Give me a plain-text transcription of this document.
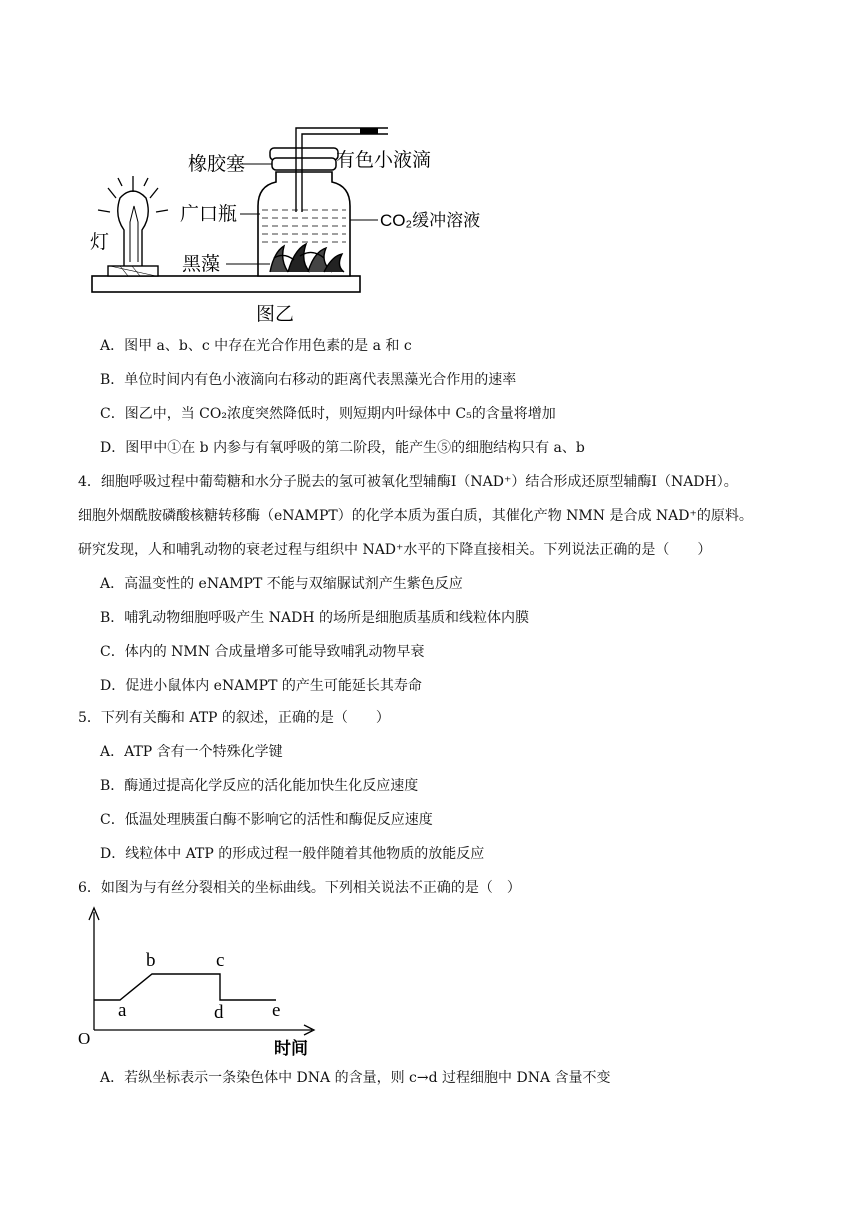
橡胶塞	有色小液滴
广口瓶	CO₂缓冲溶液
灯
黑藻
图乙
A．图甲 a、b、c 中存在光合作用色素的是 a 和 c
B．单位时间内有色小液滴向右移动的距离代表黑藻光合作用的速率
C．图乙中，当 CO₂浓度突然降低时，则短期内叶绿体中 C₅的含量将增加
D．图甲中①在 b 内参与有氧呼吸的第二阶段，能产生⑤的细胞结构只有 a、b
4．细胞呼吸过程中葡萄糖和水分子脱去的氢可被氧化型辅酶Ⅰ（NAD⁺）结合形成还原型辅酶Ⅰ（NADH）。
细胞外烟酰胺磷酸核糖转移酶（eNAMPT）的化学本质为蛋白质，其催化产物 NMN 是合成 NAD⁺的原料。
研究发现，人和哺乳动物的衰老过程与组织中 NAD⁺水平的下降直接相关。下列说法正确的是（　　）
A．高温变性的 eNAMPT 不能与双缩脲试剂产生紫色反应
B．哺乳动物细胞呼吸产生 NADH 的场所是细胞质基质和线粒体内膜
C．体内的 NMN 合成量增多可能导致哺乳动物早衰
D．促进小鼠体内 eNAMPT 的产生可能延长其寿命
5．下列有关酶和 ATP 的叙述，正确的是（　　）
A．ATP 含有一个特殊化学键
B．酶通过提高化学反应的活化能加快生化反应速度
C．低温处理胰蛋白酶不影响它的活性和酶促反应速度
D．线粒体中 ATP 的形成过程一般伴随着其他物质的放能反应
6．如图为与有丝分裂相关的坐标曲线。下列相关说法不正确的是（　）
O
a
b	c
d	e
时间
A．若纵坐标表示一条染色体中 DNA 的含量，则 c→d 过程细胞中 DNA 含量不变
